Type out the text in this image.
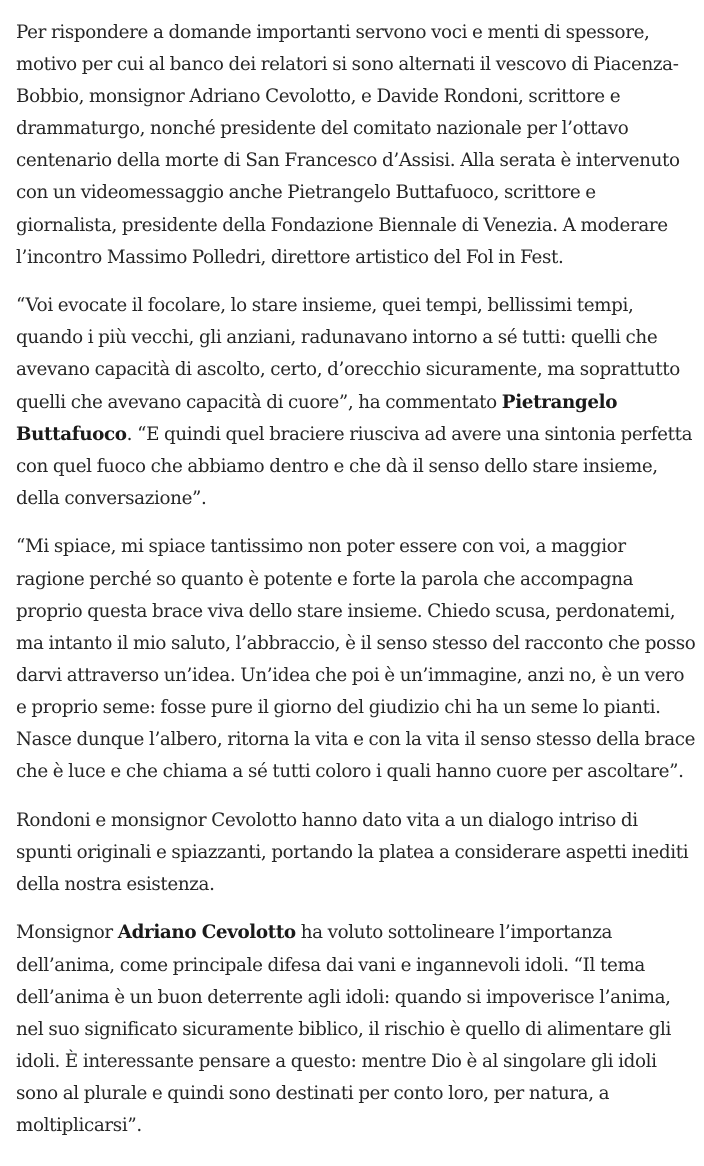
Per rispondere a domande importanti servono voci e menti di spessore, motivo per cui al banco dei relatori si sono alternati il vescovo di Piacenza-Bobbio, monsignor Adriano Cevolotto, e Davide Rondoni, scrittore e drammaturgo, nonché presidente del comitato nazionale per l’ottavo centenario della morte di San Francesco d’Assisi. Alla serata è intervenuto con un videomessaggio anche Pietrangelo Buttafuoco, scrittore e giornalista, presidente della Fondazione Biennale di Venezia. A moderare l’incontro Massimo Polledri, direttore artistico del Fol in Fest.

“Voi evocate il focolare, lo stare insieme, quei tempi, bellissimi tempi, quando i più vecchi, gli anziani, radunavano intorno a sé tutti: quelli che avevano capacità di ascolto, certo, d’orecchio sicuramente, ma soprattutto quelli che avevano capacità di cuore”, ha commentato Pietrangelo Buttafuoco. “E quindi quel braciere riusciva ad avere una sintonia perfetta con quel fuoco che abbiamo dentro e che dà il senso dello stare insieme, della conversazione”.

“Mi spiace, mi spiace tantissimo non poter essere con voi, a maggior ragione perché so quanto è potente e forte la parola che accompagna proprio questa brace viva dello stare insieme. Chiedo scusa, perdonatemi, ma intanto il mio saluto, l’abbraccio, è il senso stesso del racconto che posso darvi attraverso un’idea. Un’idea che poi è un’immagine, anzi no, è un vero e proprio seme: fosse pure il giorno del giudizio chi ha un seme lo pianti. Nasce dunque l’albero, ritorna la vita e con la vita il senso stesso della brace che è luce e che chiama a sé tutti coloro i quali hanno cuore per ascoltare”.

Rondoni e monsignor Cevolotto hanno dato vita a un dialogo intriso di spunti originali e spiazzanti, portando la platea a considerare aspetti inediti della nostra esistenza.

Monsignor Adriano Cevolotto ha voluto sottolineare l’importanza dell’anima, come principale difesa dai vani e ingannevoli idoli. “Il tema dell’anima è un buon deterrente agli idoli: quando si impoverisce l’anima, nel suo significato sicuramente biblico, il rischio è quello di alimentare gli idoli. È interessante pensare a questo: mentre Dio è al singolare gli idoli sono al plurale e quindi sono destinati per conto loro, per natura, a moltiplicarsi”.
